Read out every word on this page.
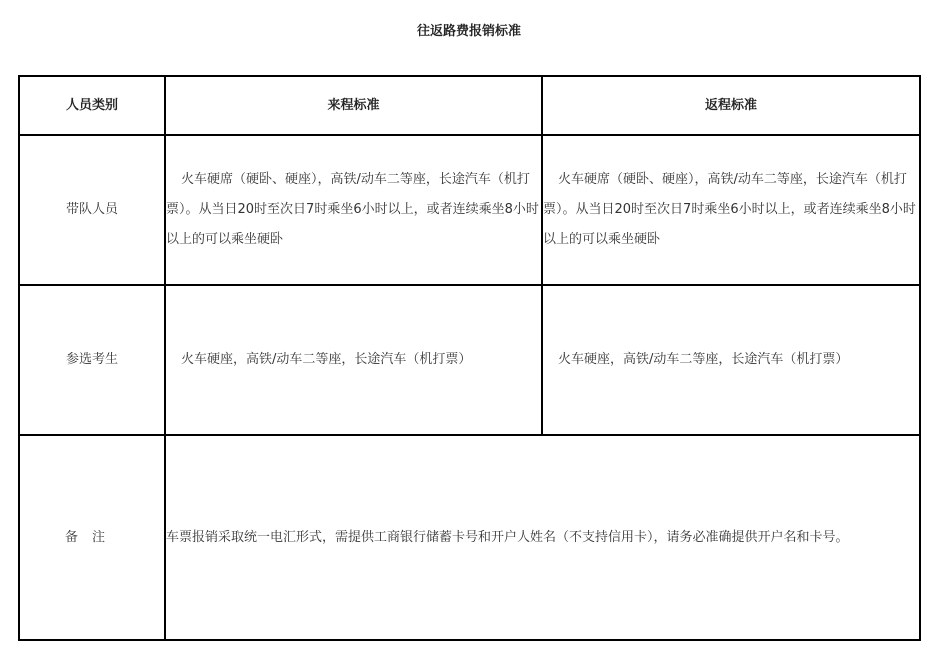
往返路费报销标准
人员类别	来程标准	返程标准
带队人员	火车硬席（硬卧、硬座），高铁/动车二等座，长途汽车（机打票）。从当日20时至次日7时乘坐6小时以上，或者连续乘坐8小时以上的可以乘坐硬卧	火车硬席（硬卧、硬座），高铁/动车二等座，长途汽车（机打票）。从当日20时至次日7时乘坐6小时以上，或者连续乘坐8小时以上的可以乘坐硬卧
参选考生	火车硬座，高铁/动车二等座，长途汽车（机打票）	火车硬座，高铁/动车二等座，长途汽车（机打票）
备注	车票报销采取统一电汇形式，需提供工商银行储蓄卡号和开户人姓名（不支持信用卡），请务必准确提供开户名和卡号。	
